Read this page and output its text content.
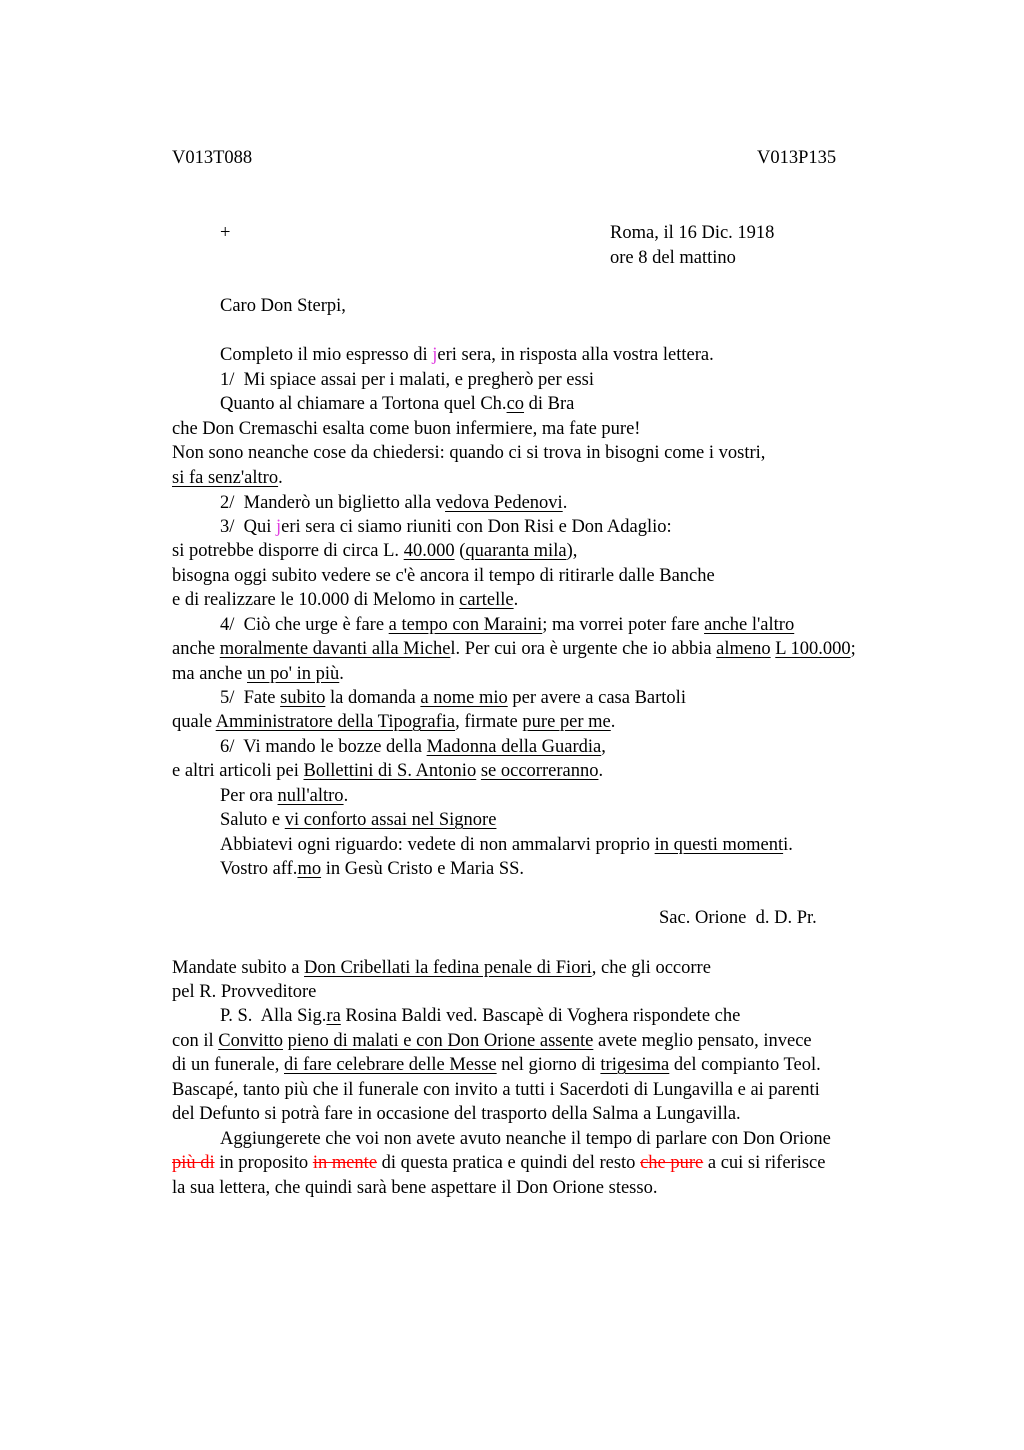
V013T088	V013P135
+	Roma, il 16 Dic. 1918
ore 8 del mattino
Caro Don Sterpi,
Completo il mio espresso di jeri sera, in risposta alla vostra lettera.
1/  Mi spiace assai per i malati, e pregherò per essi
Quanto al chiamare a Tortona quel Ch.co di Bra
che Don Cremaschi esalta come buon infermiere, ma fate pure!
Non sono neanche cose da chiedersi: quando ci si trova in bisogni come i vostri,
si fa senz'altro.
2/  Manderò un biglietto alla vedova Pedenovi.
3/  Qui jeri sera ci siamo riuniti con Don Risi e Don Adaglio:
si potrebbe disporre di circa L. 40.000 (quaranta mila),
bisogna oggi subito vedere se c'è ancora il tempo di ritirarle dalle Banche
e di realizzare le 10.000 di Melomo in cartelle.
4/  Ciò che urge è fare a tempo con Maraini; ma vorrei poter fare anche l'altro
anche moralmente davanti alla Michel. Per cui ora è urgente che io abbia almeno L 100.000;
ma anche un po' in più.
5/  Fate subito la domanda a nome mio per avere a casa Bartoli
quale Amministratore della Tipografia, firmate pure per me.
6/  Vi mando le bozze della Madonna della Guardia,
e altri articoli pei Bollettini di S. Antonio se occorreranno.
Per ora null'altro.
Saluto e vi conforto assai nel Signore
Abbiatevi ogni riguardo: vedete di non ammalarvi proprio in questi momenti.
Vostro aff.mo in Gesù Cristo e Maria SS.
Sac. Orione  d. D. Pr.
Mandate subito a Don Cribellati la fedina penale di Fiori, che gli occorre
pel R. Provveditore
P. S.  Alla Sig.ra Rosina Baldi ved. Bascapè di Voghera rispondete che
con il Convitto pieno di malati e con Don Orione assente avete meglio pensato, invece
di un funerale, di fare celebrare delle Messe nel giorno di trigesima del compianto Teol.
Bascapé, tanto più che il funerale con invito a tutti i Sacerdoti di Lungavilla e ai parenti
del Defunto si potrà fare in occasione del trasporto della Salma a Lungavilla.
Aggiungerete che voi non avete avuto neanche il tempo di parlare con Don Orione
più di in proposito in mente di questa pratica e quindi del resto che pure a cui si riferisce
la sua lettera, che quindi sarà bene aspettare il Don Orione stesso.
